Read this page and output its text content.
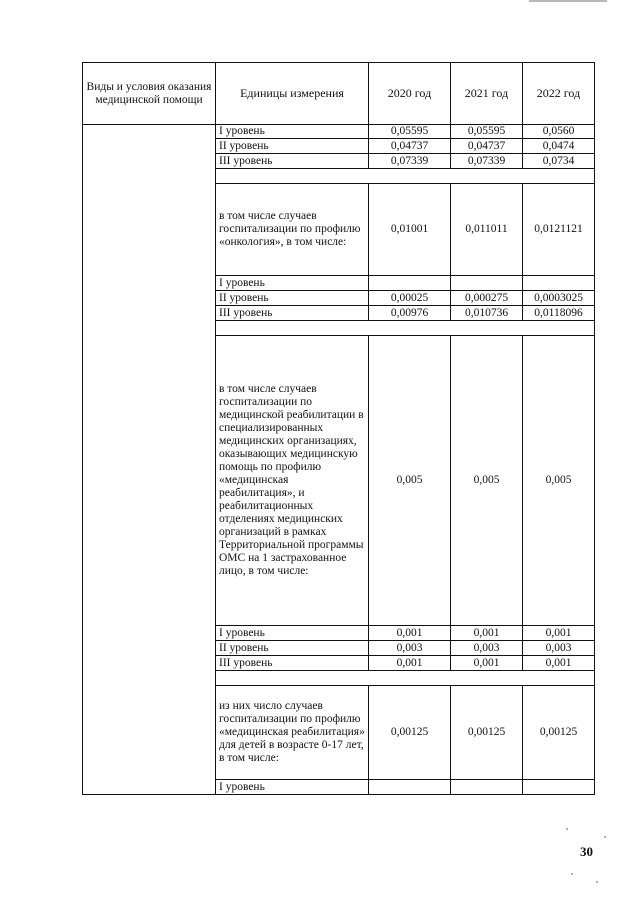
Виды и условия оказания медицинской помощи	Единицы измерения	2020 год	2021 год	2022 год
	I уровень	0,05595	0,05595	0,0560
	II уровень	0,04737	0,04737	0,0474
	III уровень	0,07339	0,07339	0,0734

	в том числе случаев госпитализации по профилю «онкология», в том числе:	0,01001	0,011011	0,0121121
	I уровень			
	II уровень	0,00025	0,000275	0,0003025
	III уровень	0,00976	0,010736	0,0118096

	в том числе случаев госпитализации по медицинской реабилитации в специализированных медицинских организациях, оказывающих медицинскую помощь по профилю «медицинская реабилитация», и реабилитационных отделениях медицинских организаций в рамках Территориальной программы ОМС на 1 застрахованное лицо, в том числе:	0,005	0,005	0,005
	I уровень	0,001	0,001	0,001
	II уровень	0,003	0,003	0,003
	III уровень	0,001	0,001	0,001

	из них число случаев госпитализации по профилю «медицинская реабилитация» для детей в возрасте 0-17 лет, в том числе:	0,00125	0,00125	0,00125
	I уровень			
30
